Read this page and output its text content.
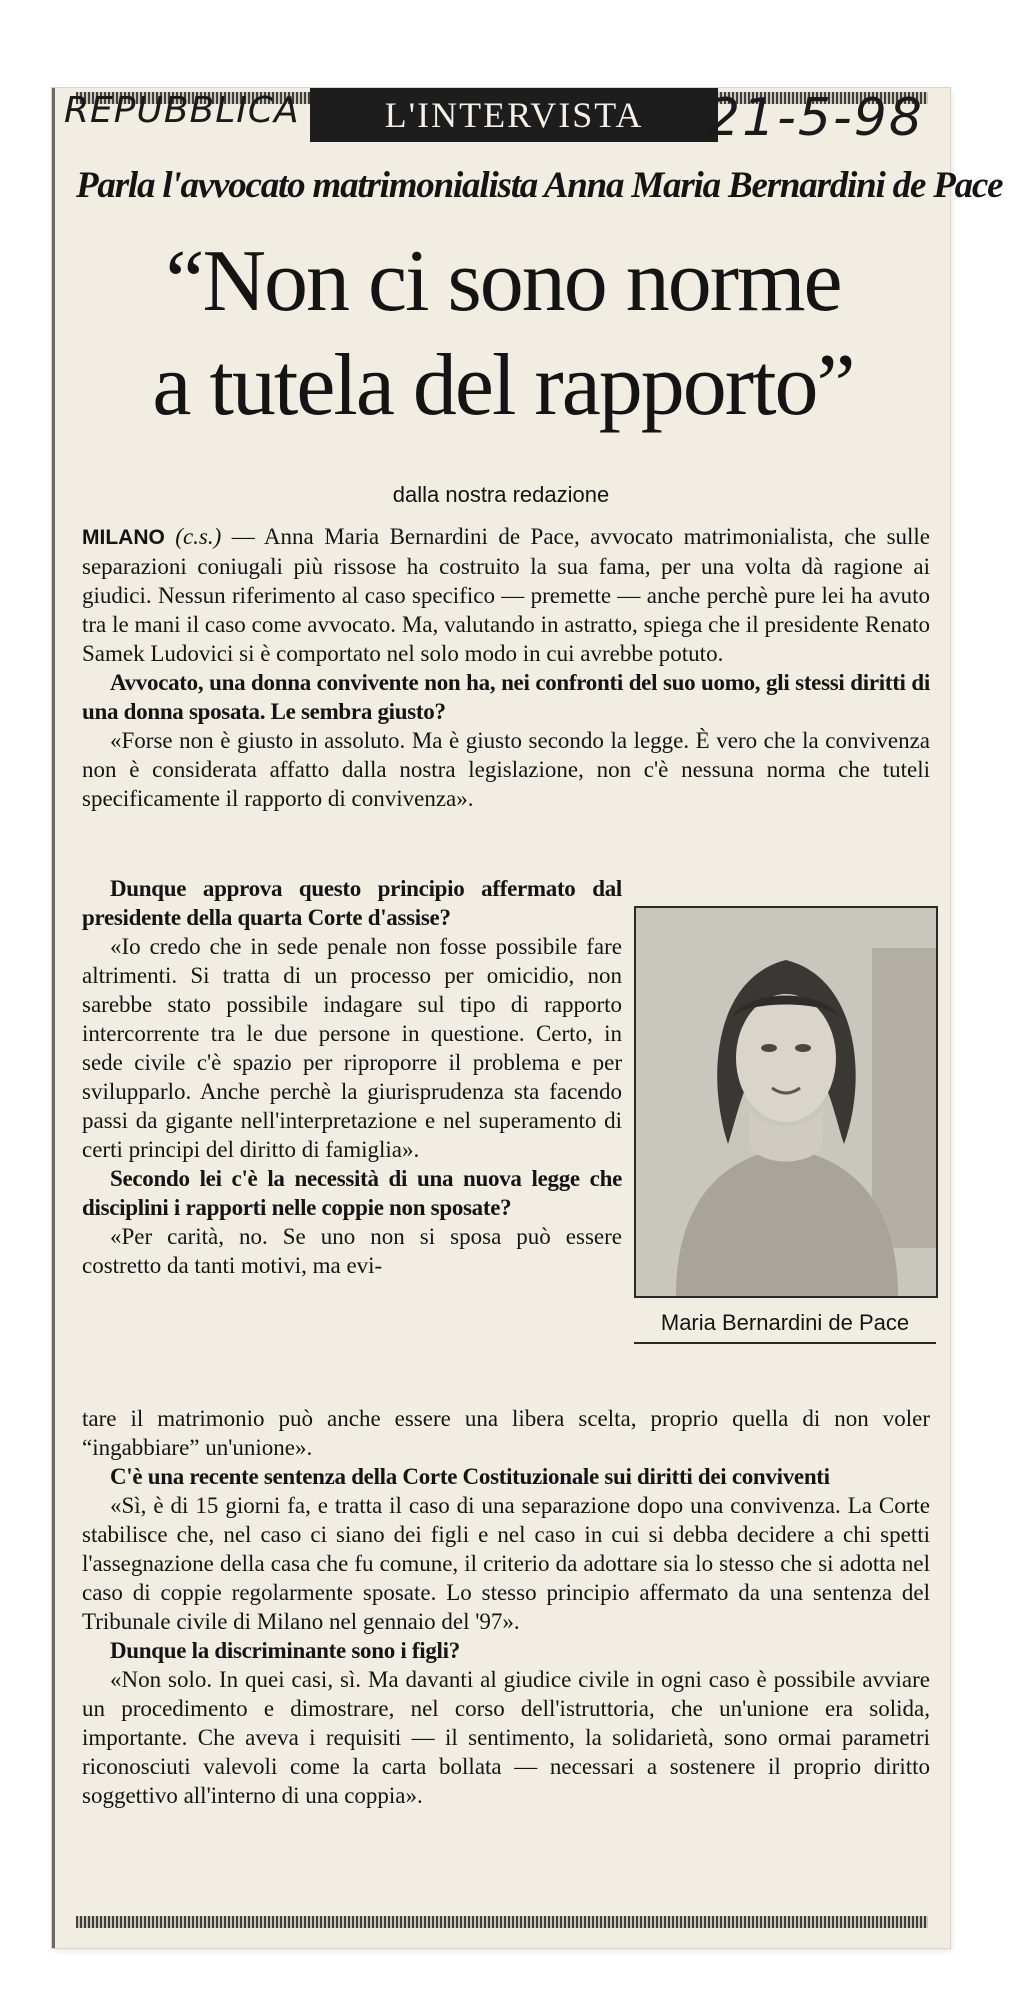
L'INTERVISTA
REPUBBLICA	21-5-98
Parla l'avvocato matrimonialista Anna Maria Bernardini de Pace
“Non ci sono norme
a tutela del rapporto”
dalla nostra redazione

MILANO (c.s.) — Anna Maria Bernardini de Pace, avvocato matrimonialista, che sulle separazioni coniugali più rissose ha costruito la sua fama, per una volta dà ragione ai giudici. Nessun riferimento al caso specifico — premette — anche perchè pure lei ha avuto tra le mani il caso come avvocato. Ma, valutando in astratto, spiega che il presidente Renato Samek Ludovici si è comportato nel solo modo in cui avrebbe potuto.

Avvocato, una donna convivente non ha, nei confronti del suo uomo, gli stessi diritti di una donna sposata. Le sembra giusto?

«Forse non è giusto in assoluto. Ma è giusto secondo la legge. È vero che la convivenza non è considerata affatto dalla nostra legislazione, non c'è nessuna norma che tuteli specificamente il rapporto di convivenza».

Dunque approva questo principio affermato dal presidente della quarta Corte d'assise?

«Io credo che in sede penale non fosse possibile fare altrimenti. Si tratta di un processo per omicidio, non sarebbe stato possibile indagare sul tipo di rapporto intercorrente tra le due persone in questione. Certo, in sede civile c'è spazio per riproporre il problema e per svilupparlo. Anche perchè la giurisprudenza sta facendo passi da gigante nell'interpretazione e nel superamento di certi principi del diritto di famiglia».

Secondo lei c'è la necessità di una nuova legge che disciplini i rapporti nelle coppie non sposate?

«Per carità, no. Se uno non si sposa può essere costretto da tanti motivi, ma evi-

Maria Bernardini de Pace

tare il matrimonio può anche essere una libera scelta, proprio quella di non voler “ingabbiare” un'unione».

C'è una recente sentenza della Corte Costituzionale sui diritti dei conviventi

«Sì, è di 15 giorni fa, e tratta il caso di una separazione dopo una convivenza. La Corte stabilisce che, nel caso ci siano dei figli e nel caso in cui si debba decidere a chi spetti l'assegnazione della casa che fu comune, il criterio da adottare sia lo stesso che si adotta nel caso di coppie regolarmente sposate. Lo stesso principio affermato da una sentenza del Tribunale civile di Milano nel gennaio del '97».

Dunque la discriminante sono i figli?

«Non solo. In quei casi, sì. Ma davanti al giudice civile in ogni caso è possibile avviare un procedimento e dimostrare, nel corso dell'istruttoria, che un'unione era solida, importante. Che aveva i requisiti — il sentimento, la solidarietà, sono ormai parametri riconosciuti valevoli come la carta bollata — necessari a sostenere il proprio diritto soggettivo all'interno di una coppia».
